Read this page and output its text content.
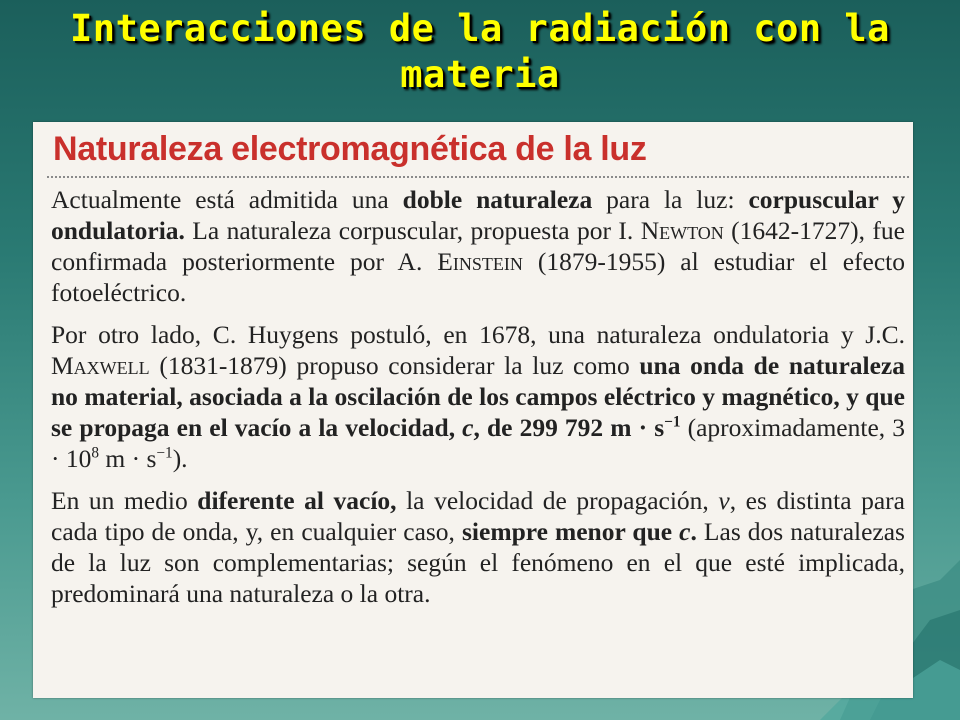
Interacciones de la radiación con la
materia
Naturaleza electromagnética de la luz

Actualmente está admitida una doble naturaleza para la luz: corpuscular y ondulatoria. La naturaleza corpuscular, propuesta por I. Newton (1642-1727), fue confirmada posteriormente por A. Einstein (1879-1955) al estudiar el efecto fotoeléctrico.

Por otro lado, C. Huygens postuló, en 1678, una naturaleza ondulatoria y J.C. Maxwell (1831-1879) propuso considerar la luz como una onda de naturaleza no material, asociada a la oscilación de los campos eléctrico y magnético, y que se propaga en el vacío a la velocidad, c, de 299 792 $m \cdot s^{-1}$ (aproximadamente, $3 \cdot 10^8$ $m \cdot s^{-1}$).

En un medio diferente al vacío, la velocidad de propagación, v, es distinta para cada tipo de onda, y, en cualquier caso, siempre menor que c. Las dos naturalezas de la luz son complementarias; según el fenómeno en el que esté implicada, predominará una naturaleza o la otra.
